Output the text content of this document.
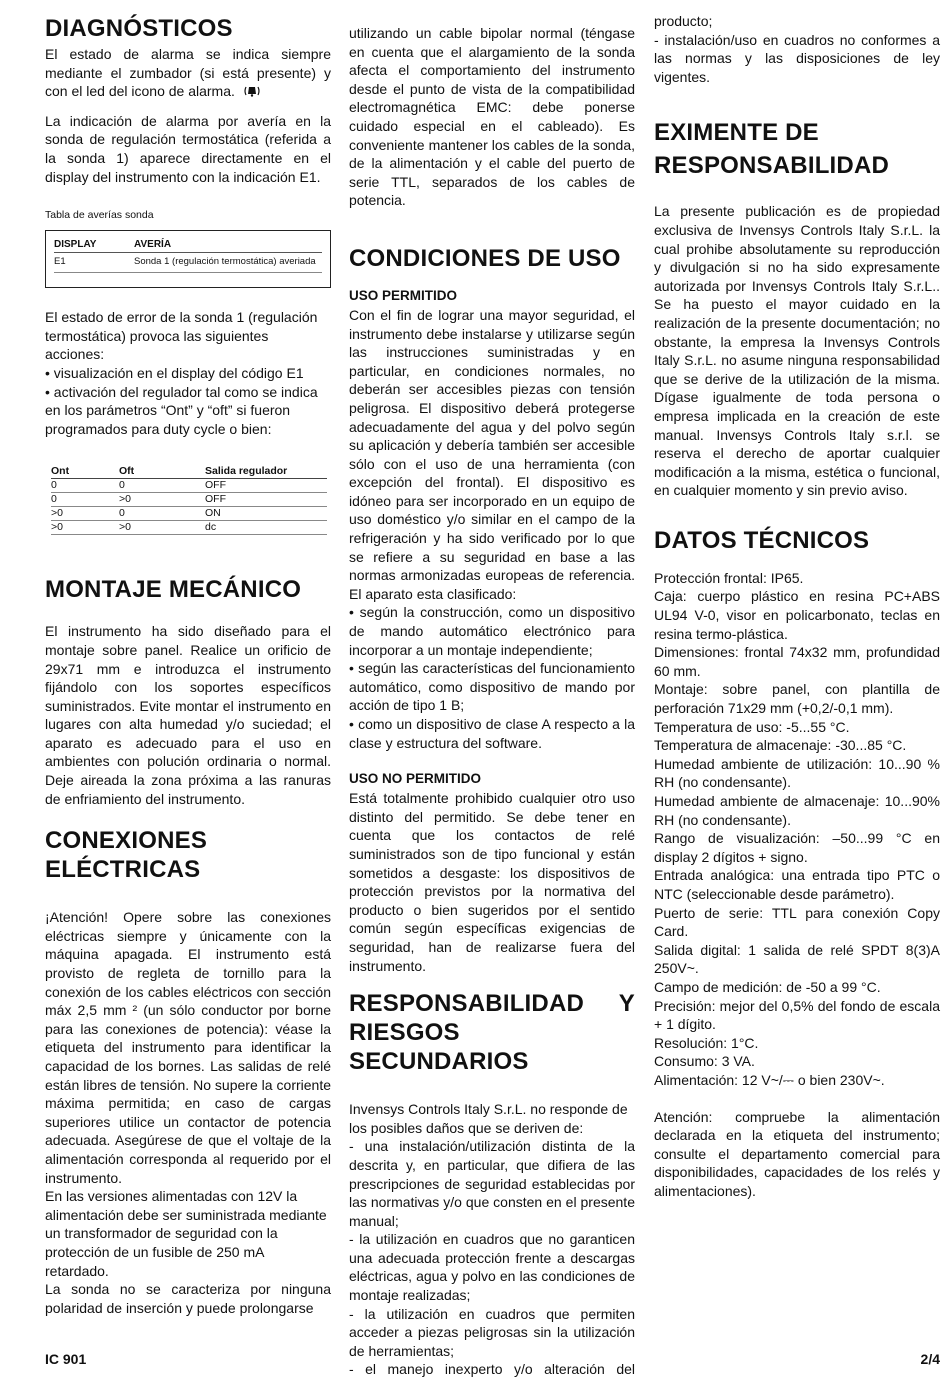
DIAGNÓSTICOS

El estado de alarma se indica siempre mediante el zumbador (si está presente) y con el led del icono de alarma.

La indicación de alarma por avería en la sonda de regulación termostática (referida a la sonda 1) aparece directamente en el display del instrumento con la indicación E1.

Tabla de averías sonda

DISPLAY	AVERÍA
E1	Sonda 1 (regulación termostática) averiada

El estado de error de la sonda 1 (regulación termostática) provoca las siguientes acciones:

• visualización en el display del código E1

• activación del regulador tal como se indica en los parámetros “Ont” y “oft” si fueron programados para duty cycle o bien:

Ont	Oft	Salida regulador
0	0	OFF
0	>0	OFF
>0	0	ON
>0	>0	dc
MONTAJE MECÁNICO

El instrumento ha sido diseñado para el montaje sobre panel. Realice un orificio de 29x71 mm e introduzca el instrumento fijándolo con los soportes específicos suministrados. Evite montar el instrumento en lugares con alta humedad y/o suciedad; el aparato es adecuado para el uso en ambientes con polución ordinaria o normal. Deje aireada la zona próxima a las ranuras de enfriamiento del instrumento.

CONEXIONES
ELÉCTRICAS

¡Atención! Opere sobre las conexiones eléctricas siempre y únicamente con la máquina apagada. El instrumento está provisto de regleta de tornillo para la conexión de los cables eléctricos con sección máx 2,5 mm ² (un sólo conductor por borne para las conexiones de potencia): véase la etiqueta del instrumento para identificar la capacidad de los bornes. Las salidas de relé están libres de tensión. No supere la corriente máxima permitida; en caso de cargas superiores utilice un contactor de potencia adecuada. Asegúrese de que el voltaje de la alimentación corresponda al requerido por el instrumento.

En las versiones alimentadas con 12V la alimentación debe ser suministrada mediante un transformador de seguridad con la protección de un fusible de 250 mA retardado.

La sonda no se caracteriza por ninguna polaridad de inserción y puede prolongarse

utilizando un cable bipolar normal (téngase en cuenta que el alargamiento de la sonda afecta el comportamiento del instrumento desde el punto de vista de la compatibilidad electromagnética EMC: debe ponerse cuidado especial en el cableado). Es conveniente mantener los cables de la sonda, de la alimentación y el cable del puerto de serie TTL, separados de los cables de potencia.

CONDICIONES DE USO
USO PERMITIDO

Con el fin de lograr una mayor seguridad, el instrumento debe instalarse y utilizarse según las instrucciones suministradas y en particular, en condiciones normales, no deberán ser accesibles piezas con tensión peligrosa. El dispositivo deberá protegerse adecuadamente del agua y del polvo según su aplicación y debería también ser accesible sólo con el uso de una herramienta (con excepción del frontal). El dispositivo es idóneo para ser incorporado en un equipo de uso doméstico y/o similar en el campo de la refrigeración y ha sido verificado por lo que se refiere a su seguridad en base a las normas armonizadas europeas de referencia. El aparato esta clasificado:

• según la construcción, como un dispositivo de mando automático electrónico para incorporar a un montaje independiente;

• según las características del funcionamiento automático, como dispositivo de mando por acción de tipo 1 B;

• como un dispositivo de clase A respecto a la clase y estructura del software.

USO NO PERMITIDO

Está totalmente prohibido cualquier otro uso distinto del permitido. Se debe tener en cuenta que los contactos de relé suministrados son de tipo funcional y están sometidos a desgaste: los dispositivos de protección previstos por la normativa del producto o bien sugeridos por el sentido común según específicas exigencias de seguridad, han de realizarse fuera del instrumento.

RESPONSABILIDAD Y
RIESGOS SECUNDARIOS

Invensys Controls Italy S.r.L. no responde de los posibles daños que se deriven de:

- una instalación/utilización distinta de la descrita y, en particular, que difiera de las prescripciones de seguridad establecidas por las normativas y/o que consten en el presente manual;

- la utilización en cuadros que no garanticen una adecuada protección frente a descargas eléctricas, agua y polvo en las condiciones de montaje realizadas;

- la utilización en cuadros que permiten acceder a piezas peligrosas sin la utilización de herramientas;

- el manejo inexperto y/o alteración del

producto;

- instalación/uso en cuadros no conformes a las normas y las disposiciones de ley vigentes.

EXIMENTE DE
RESPONSABILIDAD

La presente publicación es de propiedad exclusiva de Invensys Controls Italy S.r.L. la cual prohibe absolutamente su reproducción y divulgación si no ha sido expresamente autorizada por Invensys Controls Italy S.r.L.. Se ha puesto el mayor cuidado en la realización de la presente documentación; no obstante, la empresa la Invensys Controls Italy S.r.L. no asume ninguna responsabilidad que se derive de la utilización de la misma. Dígase igualmente de toda persona o empresa implicada en la creación de este manual. Invensys Controls Italy s.r.l. se reserva el derecho de aportar cualquier modificación a la misma, estética o funcional, en cualquier momento y sin previo aviso.

DATOS TÉCNICOS

Protección frontal: IP65.

Caja: cuerpo plástico en resina PC+ABS UL94 V-0, visor en policarbonato, teclas en resina termo-plástica.

Dimensiones: frontal 74x32 mm, profundidad 60 mm.

Montaje: sobre panel, con plantilla de perforación 71x29 mm (+0,2/-0,1 mm).

Temperatura de uso: -5...55 °C.

Temperatura de almacenaje: -30...85 °C.

Humedad ambiente de utilización: 10...90 % RH (no condensante).

Humedad ambiente de almacenaje: 10...90% RH (no condensante).

Rango de visualización: –50...99 °C en display 2 dígitos + signo.

Entrada analógica: una entrada tipo PTC o NTC (seleccionable desde parámetro).

Puerto de serie: TTL para conexión Copy Card.

Salida digital: 1 salida de relé SPDT 8(3)A 250V~.

Campo de medición: de -50 a 99 °C.

Precisión: mejor del 0,5% del fondo de escala + 1 dígito.

Resolución: 1°C.

Consumo: 3 VA.

Alimentación: 12 V~/⎓ o bien 230V~.

Atención: compruebe la alimentación declarada en la etiqueta del instrumento; consulte el departamento comercial para disponibilidades, capacidades de los relés y alimentaciones).

IC 901	2/4
